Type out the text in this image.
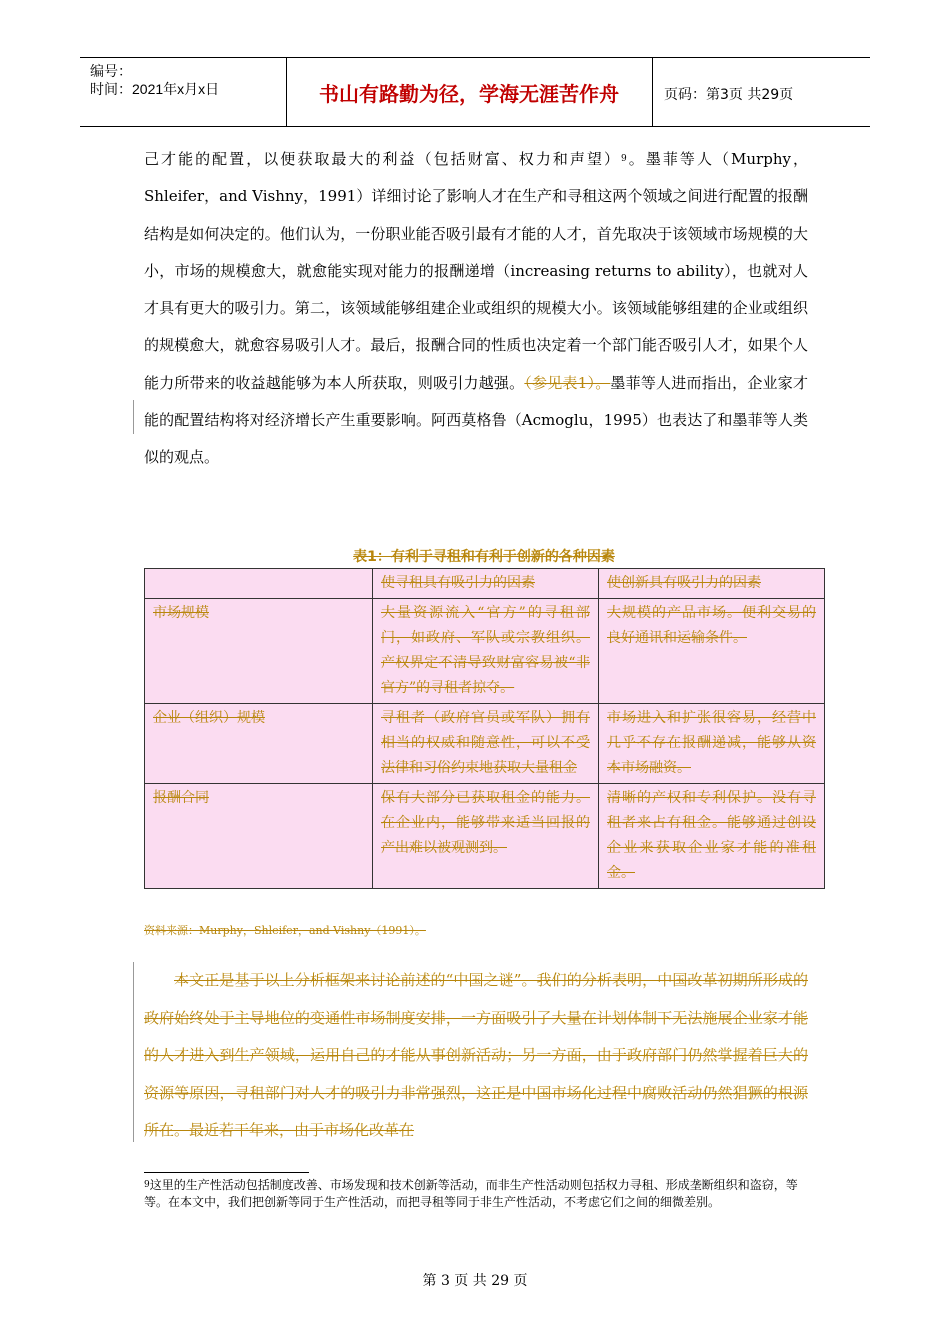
编号：
时间：2021年x月x日	书山有路勤为径，学海无涯苦作舟	页码：第3页 共29页

己才能的配置，以便获取最大的利益（包括财富、权力和声望）$^9$。墨菲等人（Murphy，Shleifer，and Vishny，1991）详细讨论了影响人才在生产和寻租这两个领域之间进行配置的报酬结构是如何决定的。他们认为，一份职业能否吸引最有才能的人才，首先取决于该领域市场规模的大小，市场的规模愈大，就愈能实现对能力的报酬递增（increasing returns to ability），也就对人才具有更大的吸引力。第二，该领域能够组建企业或组织的规模大小。该领域能够组建的企业或组织的规模愈大，就愈容易吸引人才。最后，报酬合同的性质也决定着一个部门能否吸引人才，如果个人能力所带来的收益越能够为本人所获取，则吸引力越强。（参见表1）。墨菲等人进而指出，企业家才能的配置结构将对经济增长产生重要影响。阿西莫格鲁（Acmoglu，1995）也表达了和墨菲等人类似的观点。

表1：有利于寻租和有利于创新的各种因素
	使寻租具有吸引力的因素	使创新具有吸引力的因素
市场规模	大量资源流入“官方”的寻租部门，如政府、军队或宗教组织。产权界定不清导致财富容易被“非官方”的寻租者掠夺。	大规模的产品市场。便利交易的良好通讯和运输条件。
企业（组织）规模	寻租者（政府官员或军队）拥有相当的权威和随意性，可以不受法律和习俗约束地获取大量租金	市场进入和扩张很容易，经营中几乎不存在报酬递减，能够从资本市场融资。
报酬合同	保有大部分已获取租金的能力。在企业内，能够带来适当回报的产出难以被观测到。	清晰的产权和专利保护。没有寻租者来占有租金。能够通过创设企业来获取企业家才能的准租金。
资料来源：Murphy，Shleifer，and Vishny（1991）。

本文正是基于以上分析框架来讨论前述的“中国之谜”。我们的分析表明，中国改革初期所形成的政府始终处于主导地位的变通性市场制度安排，一方面吸引了大量在计划体制下无法施展企业家才能的人才进入到生产领域，运用自己的才能从事创新活动；另一方面，由于政府部门仍然掌握着巨大的资源等原因，寻租部门对人才的吸引力非常强烈，这正是中国市场化过程中腐败活动仍然猖獗的根源所在。最近若干年来，由于市场化改革在

$^9$这里的生产性活动包括制度改善、市场发现和技术创新等活动，而非生产性活动则包括权力寻租、形成垄断组织和盗窃，等等。在本文中，我们把创新等同于生产性活动，而把寻租等同于非生产性活动，不考虑它们之间的细微差别。

第 3 页 共 29 页
